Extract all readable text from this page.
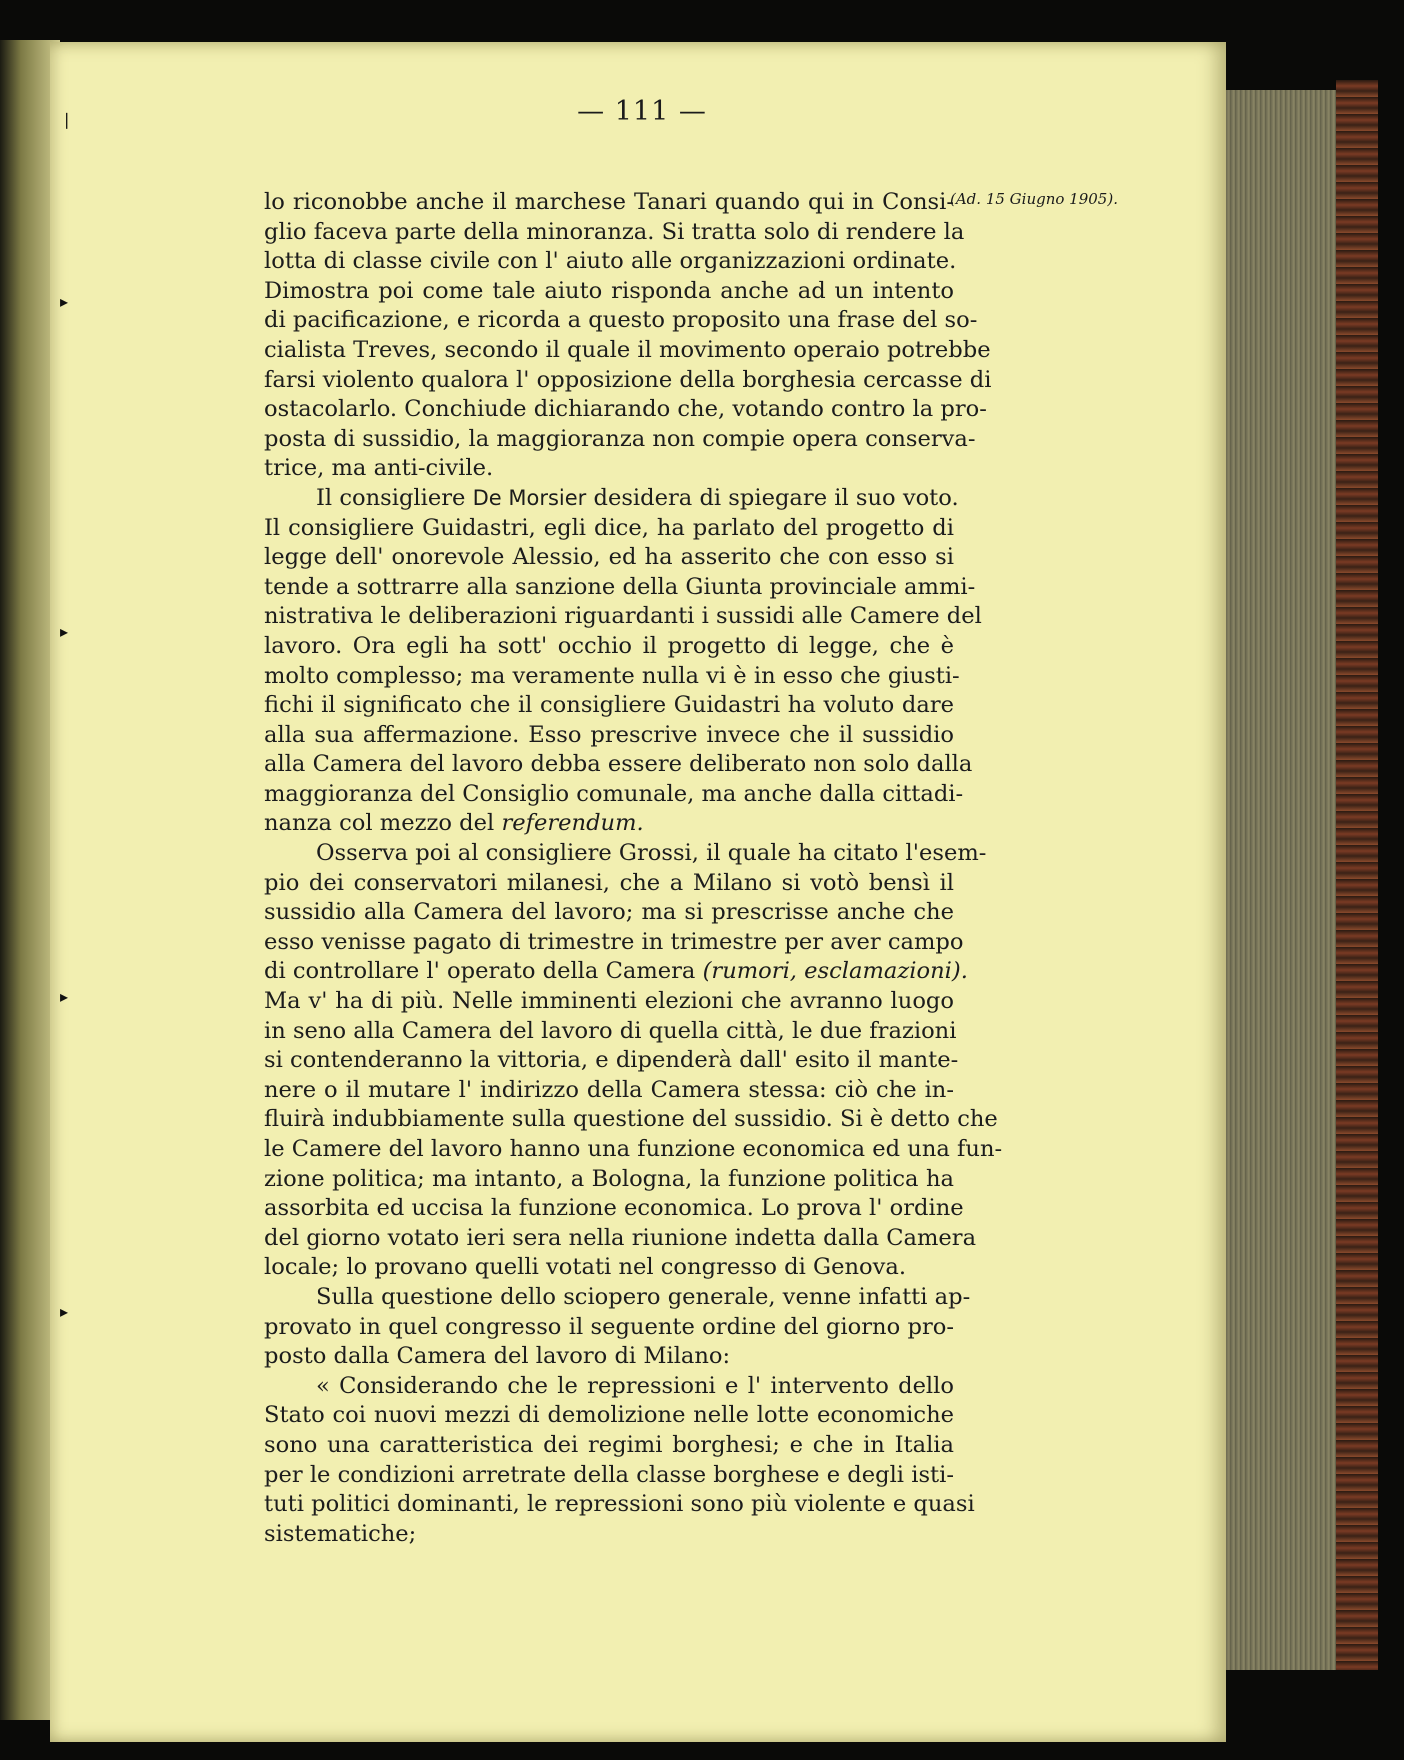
❘
▸
▸
▸
▸
— 111 —
(Ad. 15 Giugno 1905).
lo riconobbe anche il marchese Tanari quando qui in Consi-
glio faceva parte della minoranza. Si tratta solo di rendere la
lotta di classe civile con l' aiuto alle organizzazioni ordinate.
Dimostra poi come tale aiuto risponda anche ad un intento
di pacificazione, e ricorda a questo proposito una frase del so-
cialista Treves, secondo il quale il movimento operaio potrebbe
farsi violento qualora l' opposizione della borghesia cercasse di
ostacolarlo. Conchiude dichiarando che, votando contro la pro-
posta di sussidio, la maggioranza non compie opera conserva-
trice, ma anti-civile.
Il consigliere De Morsier desidera di spiegare il suo voto.
Il consigliere Guidastri, egli dice, ha parlato del progetto di
legge dell' onorevole Alessio, ed ha asserito che con esso si
tende a sottrarre alla sanzione della Giunta provinciale ammi-
nistrativa le deliberazioni riguardanti i sussidi alle Camere del
lavoro. Ora egli ha sott' occhio il progetto di legge, che è
molto complesso; ma veramente nulla vi è in esso che giusti-
fichi il significato che il consigliere Guidastri ha voluto dare
alla sua affermazione. Esso prescrive invece che il sussidio
alla Camera del lavoro debba essere deliberato non solo dalla
maggioranza del Consiglio comunale, ma anche dalla cittadi-
nanza col mezzo del referendum.
Osserva poi al consigliere Grossi, il quale ha citato l'esem-
pio dei conservatori milanesi, che a Milano si votò bensì il
sussidio alla Camera del lavoro; ma si prescrisse anche che
esso venisse pagato di trimestre in trimestre per aver campo
di controllare l' operato della Camera (rumori, esclamazioni).
Ma v' ha di più. Nelle imminenti elezioni che avranno luogo
in seno alla Camera del lavoro di quella città, le due frazioni
si contenderanno la vittoria, e dipenderà dall' esito il mante-
nere o il mutare l' indirizzo della Camera stessa: ciò che in-
fluirà indubbiamente sulla questione del sussidio. Si è detto che
le Camere del lavoro hanno una funzione economica ed una fun-
zione politica; ma intanto, a Bologna, la funzione politica ha
assorbita ed uccisa la funzione economica. Lo prova l' ordine
del giorno votato ieri sera nella riunione indetta dalla Camera
locale; lo provano quelli votati nel congresso di Genova.
Sulla questione dello sciopero generale, venne infatti ap-
provato in quel congresso il seguente ordine del giorno pro-
posto dalla Camera del lavoro di Milano:
« Considerando che le repressioni e l' intervento dello
Stato coi nuovi mezzi di demolizione nelle lotte economiche
sono una caratteristica dei regimi borghesi; e che in Italia
per le condizioni arretrate della classe borghese e degli isti-
tuti politici dominanti, le repressioni sono più violente e quasi
sistematiche;
